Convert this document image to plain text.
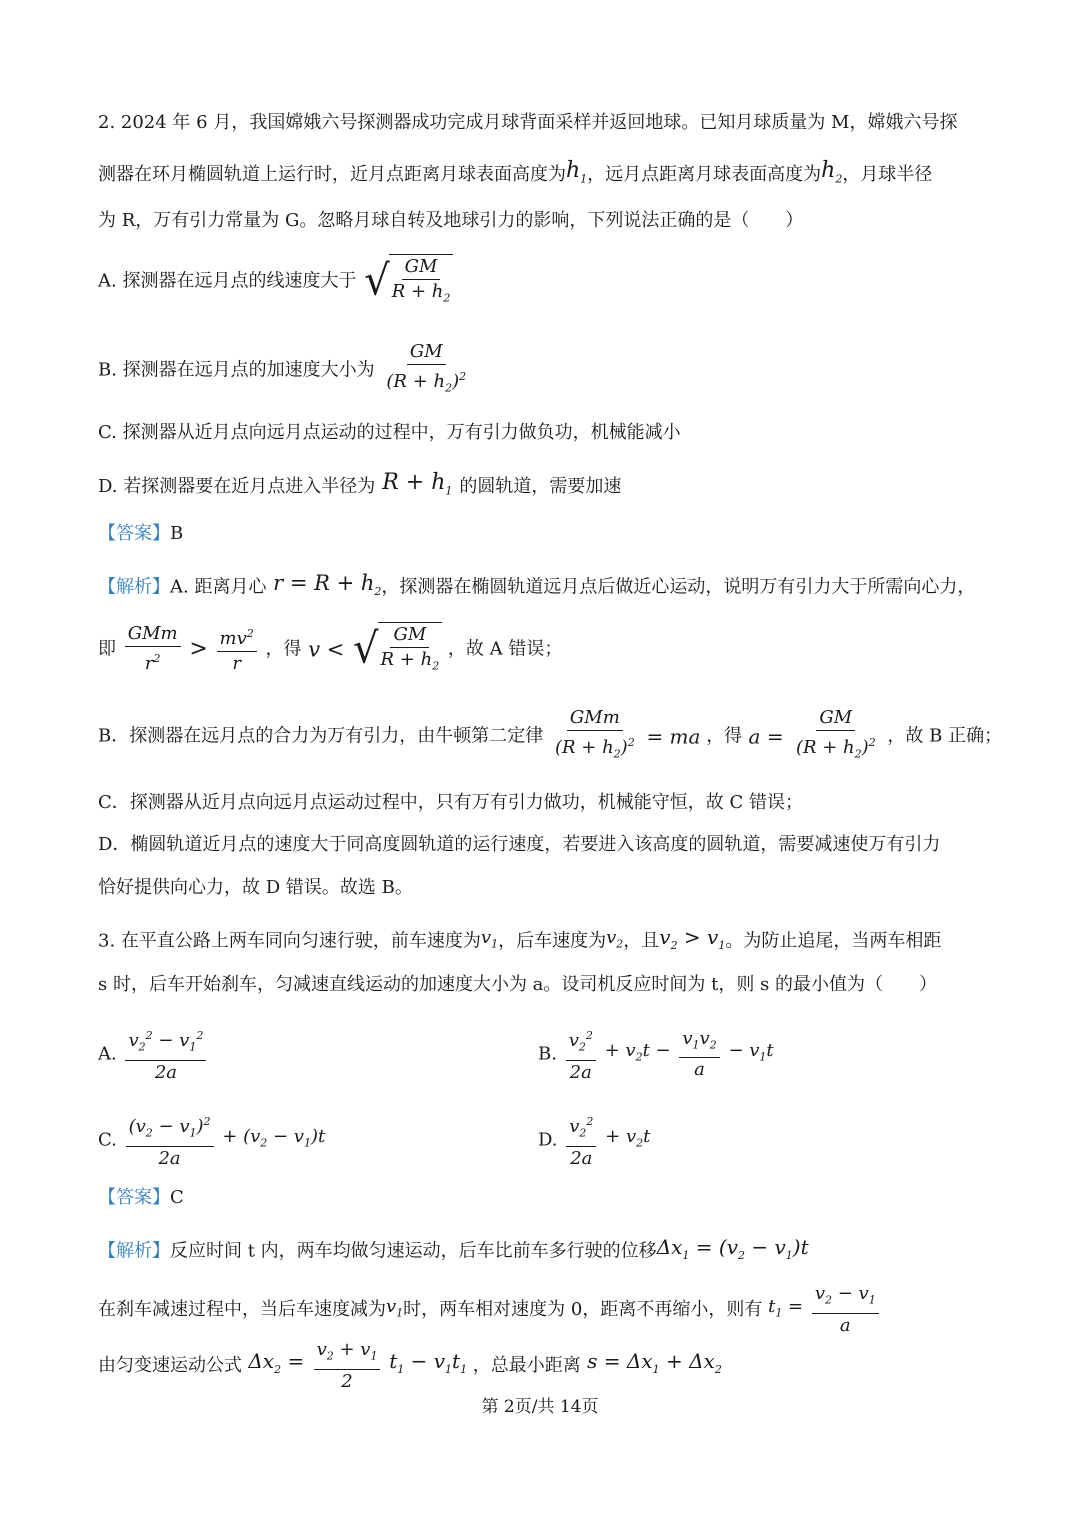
2. 2024 年 6 月，我国嫦娥六号探测器成功完成月球背面采样并返回地球。已知月球质量为 M，嫦娥六号探
测器在环月椭圆轨道上运行时，近月点距离月球表面高度为$h_1$，远月点距离月球表面高度为$h_2$，月球半径
为 R，万有引力常量为 G。忽略月球自转及地球引力的影响，下列说法正确的是（　　）
A. 探测器在远月点的线速度大于 √ $\frac{GM}{R + h_2}$
B. 探测器在远月点的加速度大小为 $\frac{GM}{(R + h_2)^2}$
C. 探测器从近月点向远月点运动的过程中，万有引力做负功，机械能减小
D. 若探测器要在近月点进入半径为 $R + h_1$ 的圆轨道，需要加速
【答案】B
【解析】A. 距离月心 $r = R + h_2$，探测器在椭圆轨道远月点后做近心运动，说明万有引力大于所需向心力，
即 $\frac{\text{GMm}}{r^2} > \frac{mv^2}{r}$ ，得 v < √ $\frac{GM}{R + h_2}$ ，故 A 错误；
B．探测器在远月点的合力为万有引力，由牛顿第二定律 $\frac{\text{GMm}}{(R + h_2)^2}$ = ma ，得 $a = \frac{GM}{(R + h_2)^2}$ ，故 B 正确；
C．探测器从近月点向远月点运动过程中，只有万有引力做功，机械能守恒，故 C 错误；
D．椭圆轨道近月点的速度大于同高度圆轨道的运行速度，若要进入该高度的圆轨道，需要减速使万有引力
恰好提供向心力，故 D 错误。故选 B。
3. 在平直公路上两车同向匀速行驶，前车速度为$v_1$，后车速度为$v_2$，且$v_2 > v_1$。为防止追尾，当两车相距
s 时，后车开始刹车，匀减速直线运动的加速度大小为 a。设司机反应时间为 t，则 s 的最小值为（　　）
A. $\frac{v_2^2 - v_1^2}{2a}$	B. $\frac{v_2^2}{2a} + v_2t - \frac{v_1v_2}{a} - v_1t$
C. $\frac{(v_2 - v_1)^2}{2a} + (v_2 - v_1)t$	D. $\frac{v_2^2}{2a} + v_2t$
【答案】C
【解析】反应时间 t 内，两车均做匀速运动，后车比前车多行驶的位移$\Delta x_1 = (v_2 - v_1)t$
在刹车减速过程中，当后车速度减为$v_1$时，两车相对速度为 0，距离不再缩小，则有 $t_1 = \frac{v_2 - v_1}{a}$
由匀变速运动公式 $\Delta x_2 = \frac{v_2 + v_1}{2} t_1 - v_1t_1$ ，总最小距离 $s = \Delta x_1 + \Delta x_2$
第 2页/共 14页
